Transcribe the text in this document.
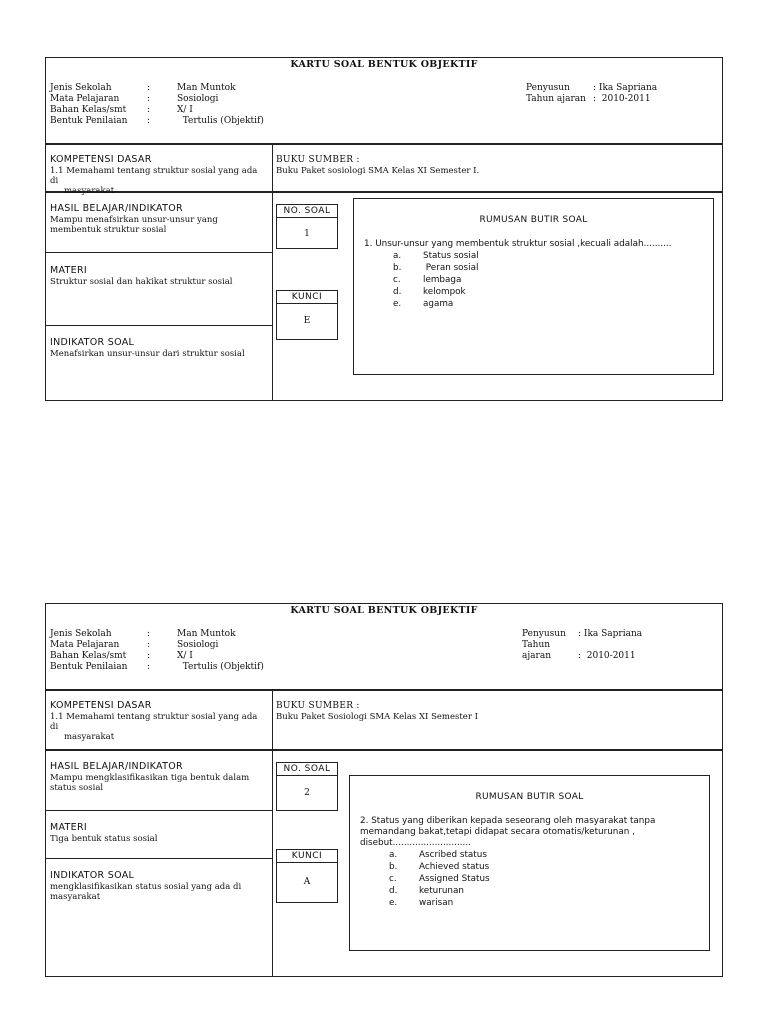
KARTU SOAL BENTUK OBJEKTIF
Jenis Sekolah	:	Man Muntok
Mata Pelajaran	:	Sosiologi
Bahan Kelas/smt :	X/ I
Bentuk Penilaian :	Tertulis (Objektif)
Penyusun	: Ika Sapriana
Tahun ajaran :  2010-2011
KOMPETENSI DASAR
1.1 Memahami tentang struktur sosial yang ada di
masyarakat
BUKU SUMBER :
Buku Paket sosiologi SMA Kelas XI Semester I.
HASIL BELAJAR/INDIKATOR
Mampu menafsirkan unsur-unsur yang membentuk struktur sosial
MATERI
Struktur sosial dan hakikat struktur sosial
INDIKATOR SOAL
Menafsirkan unsur-unsur dari struktur sosial
NO. SOAL
1
KUNCI
E
RUMUSAN BUTIR SOAL
1. Unsur-unsur yang membentuk struktur sosial ,kecuali adalah..........
a. Status sosial
b. Peran sosial
c.	lembaga
d. kelompok
e. agama
KARTU SOAL BENTUK OBJEKTIF
Jenis Sekolah	:	Man Muntok
Mata Pelajaran	:	Sosiologi
Bahan Kelas/smt :	X/ I
Bentuk Penilaian :	Tertulis (Objektif)
Penyusun : Ika Sapriana
Tahun ajaran	:  2010-2011
KOMPETENSI DASAR
1.1 Memahami tentang struktur sosial yang ada di
masyarakat
BUKU SUMBER :
Buku Paket Sosiologi SMA Kelas XI Semester I
HASIL BELAJAR/INDIKATOR
Mampu mengklasifikasikan tiga bentuk dalam status sosial
MATERI
Tiga bentuk status sosial
INDIKATOR SOAL
mengklasifikasikan status sosial yang ada di masyarakat
NO. SOAL
2
KUNCI
A
RUMUSAN BUTIR SOAL
2. Status yang diberikan kepada seseorang oleh masyarakat tanpa memandang bakat,tetapi didapat secara otomatis/keturunan , disebut............................
a. Ascribed status
b. Achieved status
c.	Assigned Status
d. keturunan
e. warisan
